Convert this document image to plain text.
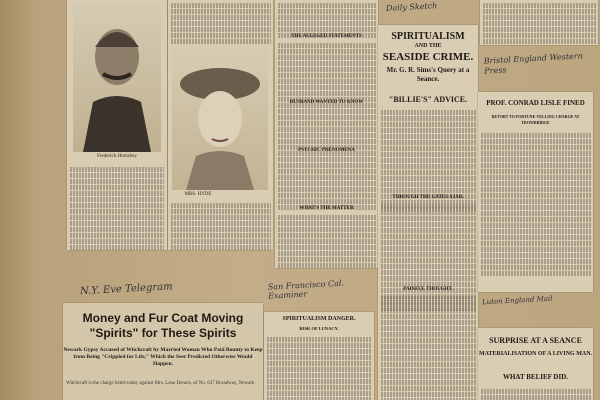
Frederick Hornsbey
MRS. HYDE
THE ALLEGED STATEMENTS
HUSBAND WANTED TO KNOW
PSYCHIC PHENOMENA
WHAT'S THE MATTER
SPIRITUALISM
AND THE
SEASIDE CRIME.
Mr. G. R. Sims's Query at a Seance.
"BILLIE'S" ADVICE.
THROUGH THE GATES AJAR.
PAINFUL THOUGHT.
Daily Sketch
Bristol England Western Press
PROF. CONRAD LISLE FINED
RETORT TO FORTUNE-TELLING CHARGE AT TROWBRIDGE
Luton England Mail
SURPRISE AT A SEANCE
MATERIALISATION OF A LIVING MAN.
WHAT BELIEF DID.
Money and Fur Coat Moving
"Spirits" for These Spirits
Newark Gypsy Accused of Witchcraft by Married Woman Who Paid Bounty to Keep from Being "Crippled for Life," Which the Seer Predicted Otherwise Would Happen.
Witchcraft is the charge listed today against Mrs. Lena Dennis, of No. 637 Broadway, Newark
N.Y. Eve Telegram	San Francisco Cal. Examiner
SPIRITUALISM DANGER.
RISK OF LUNACY.
